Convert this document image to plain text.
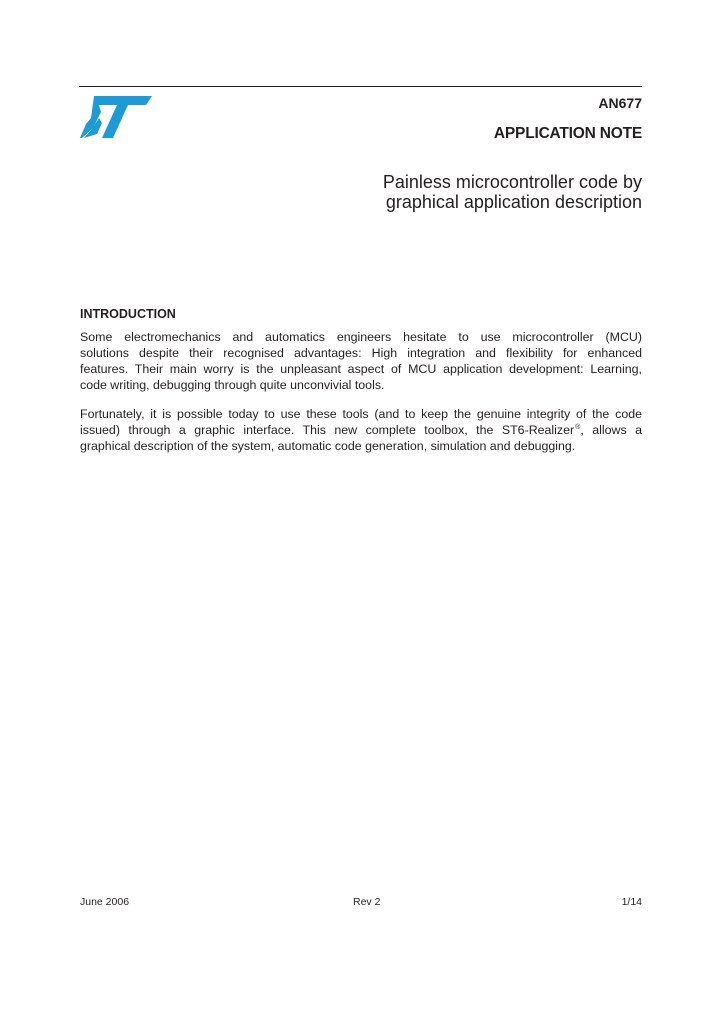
AN677
APPLICATION NOTE
Painless microcontroller code by
graphical application description
INTRODUCTION
Some electromechanics and automatics engineers hesitate to use microcontroller (MCU)
solutions despite their recognised advantages: High integration and flexibility for enhanced
features. Their main worry is the unpleasant aspect of MCU application development: Learning,
code writing, debugging through quite unconvivial tools.
Fortunately, it is possible today to use these tools (and to keep the genuine integrity of the code
issued) through a graphic interface. This new complete toolbox, the ST6-Realizer®, allows a
graphical description of the system, automatic code generation, simulation and debugging.
June 2006	Rev 2	1/14
